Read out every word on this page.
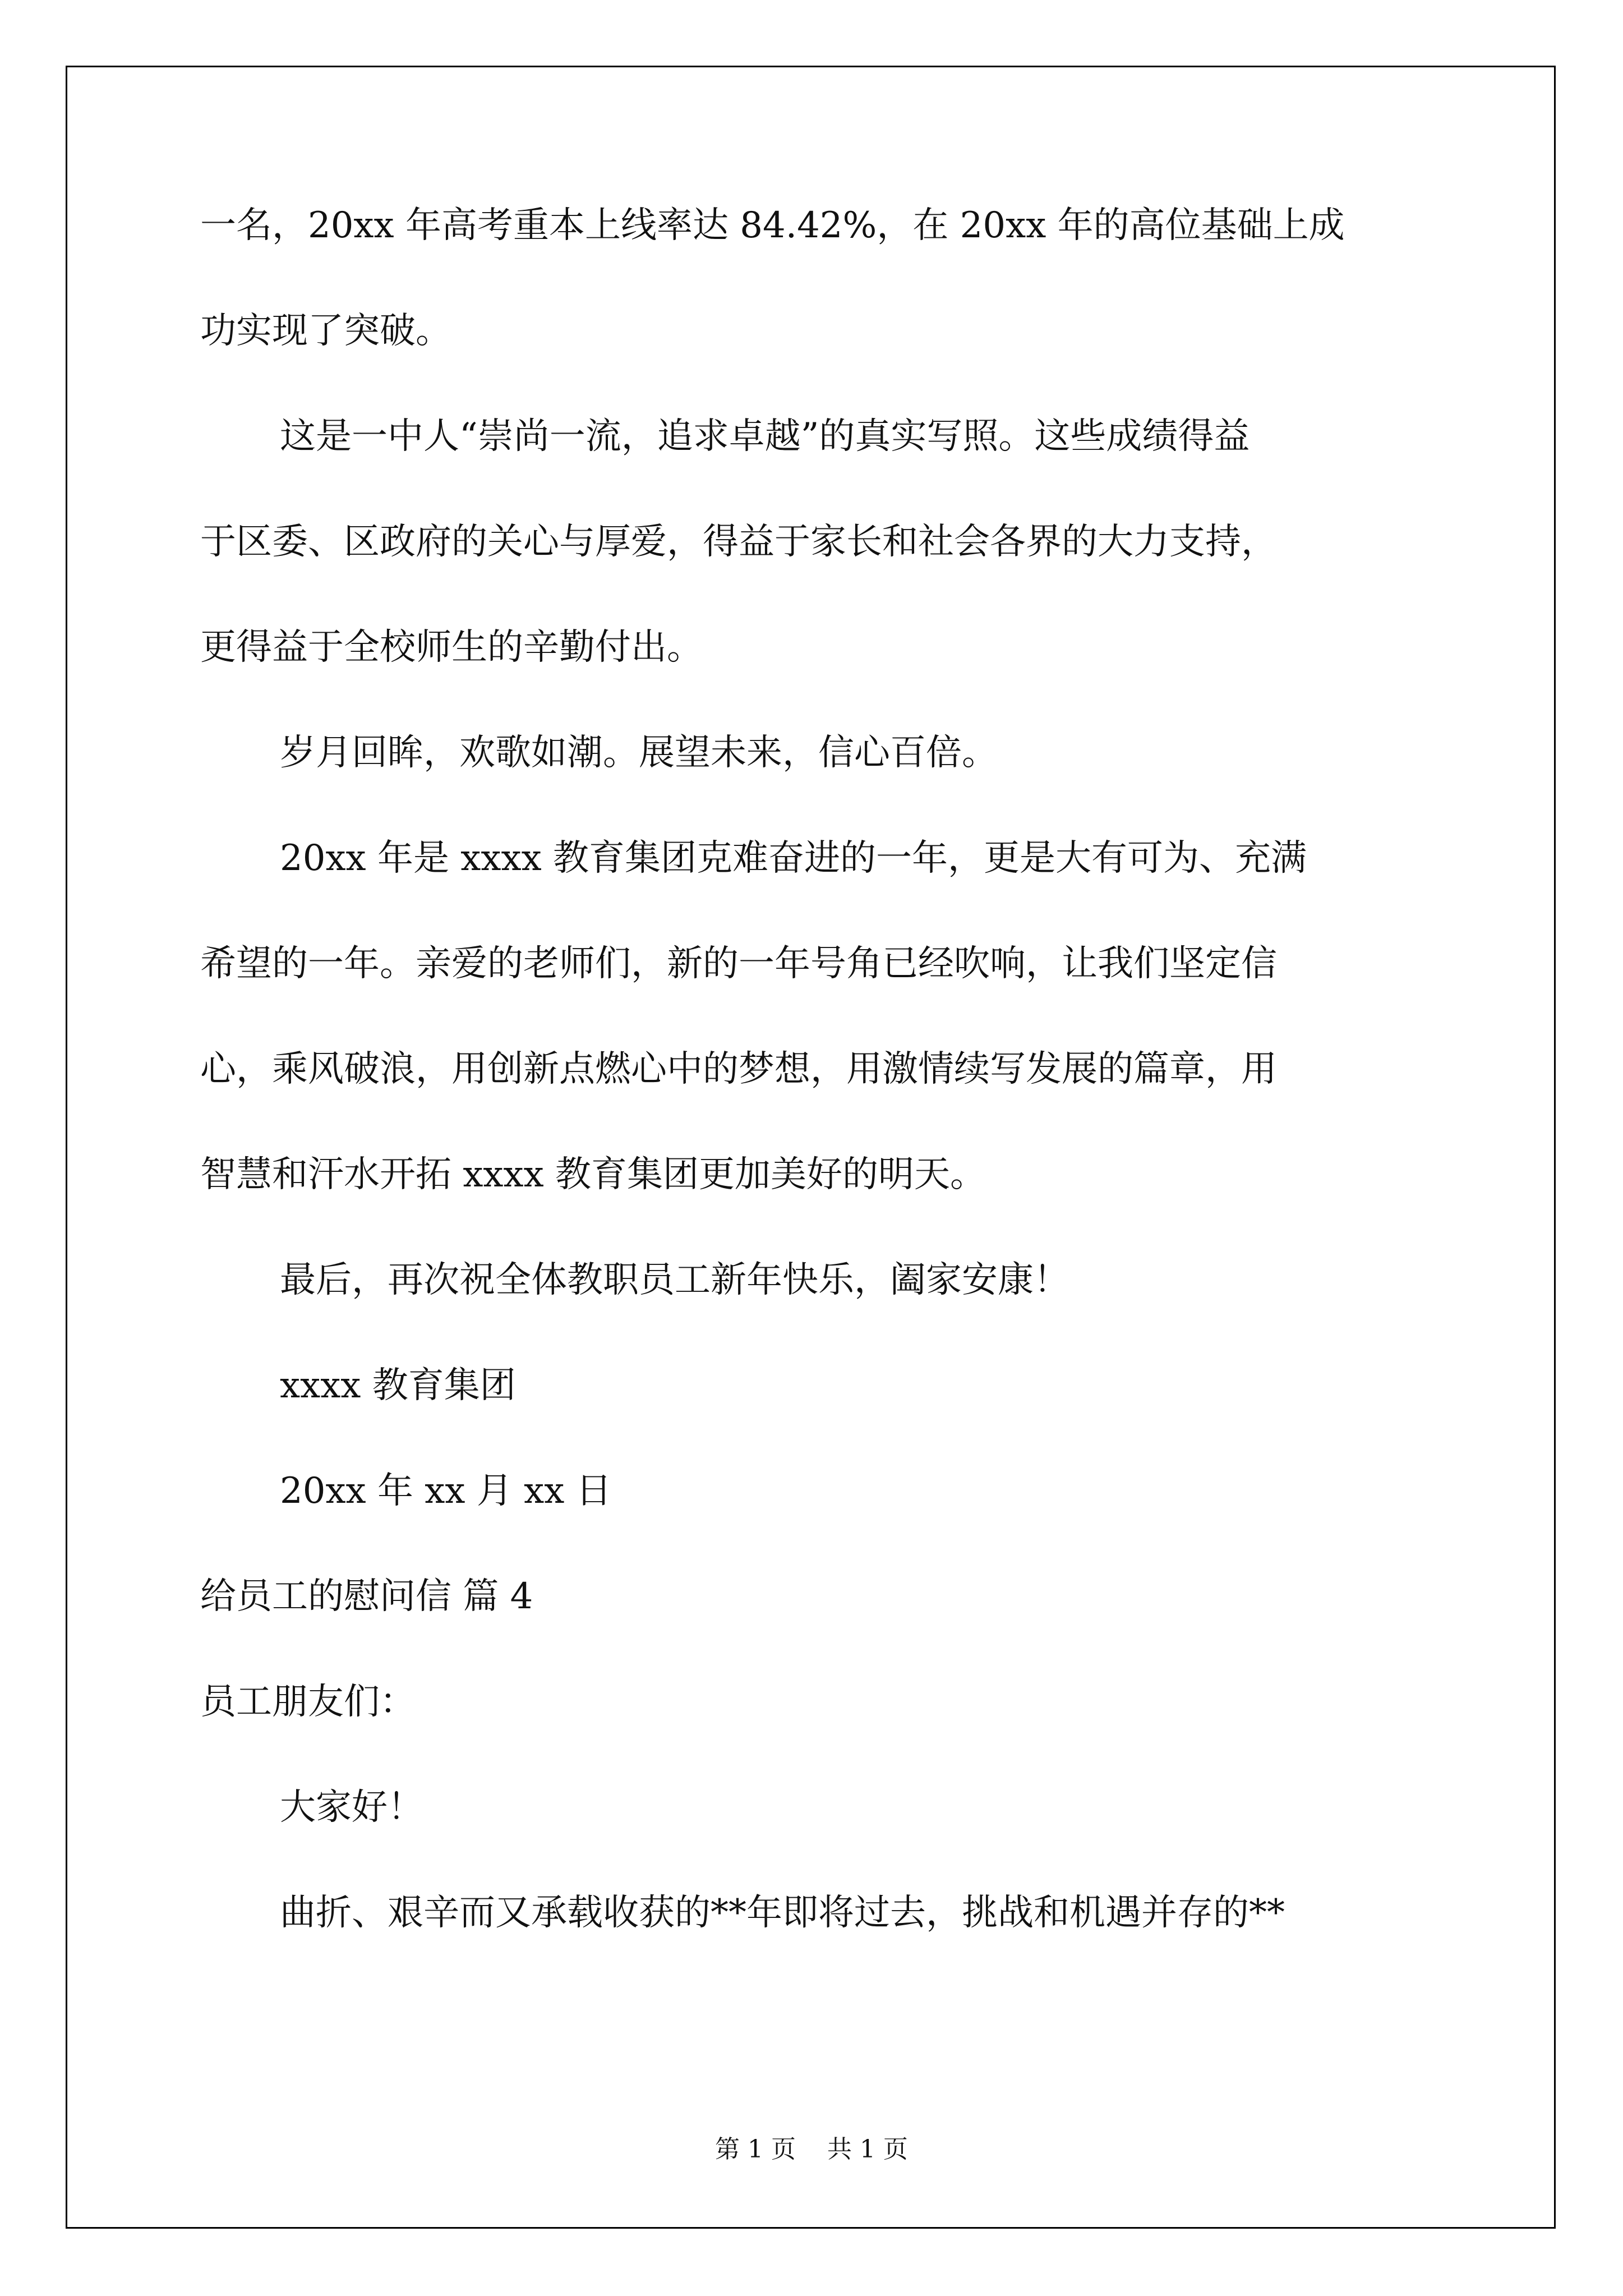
一名，20xx 年高考重本上线率达 84.42%，在 20xx 年的高位基础上成
功实现了突破。
这是一中人“崇尚一流，追求卓越”的真实写照。这些成绩得益
于区委、区政府的关心与厚爱，得益于家长和社会各界的大力支持，
更得益于全校师生的辛勤付出。
岁月回眸，欢歌如潮。展望未来，信心百倍。
20xx 年是 xxxx 教育集团克难奋进的一年，更是大有可为、充满
希望的一年。亲爱的老师们，新的一年号角已经吹响，让我们坚定信
心，乘风破浪，用创新点燃心中的梦想，用激情续写发展的篇章，用
智慧和汗水开拓 xxxx 教育集团更加美好的明天。
最后，再次祝全体教职员工新年快乐，阖家安康！
xxxx 教育集团
20xx 年 xx 月 xx 日
给员工的慰问信 篇 4
员工朋友们：
大家好！
曲折、艰辛而又承载收获的**年即将过去，挑战和机遇并存的**
第 1 页    共 1 页
